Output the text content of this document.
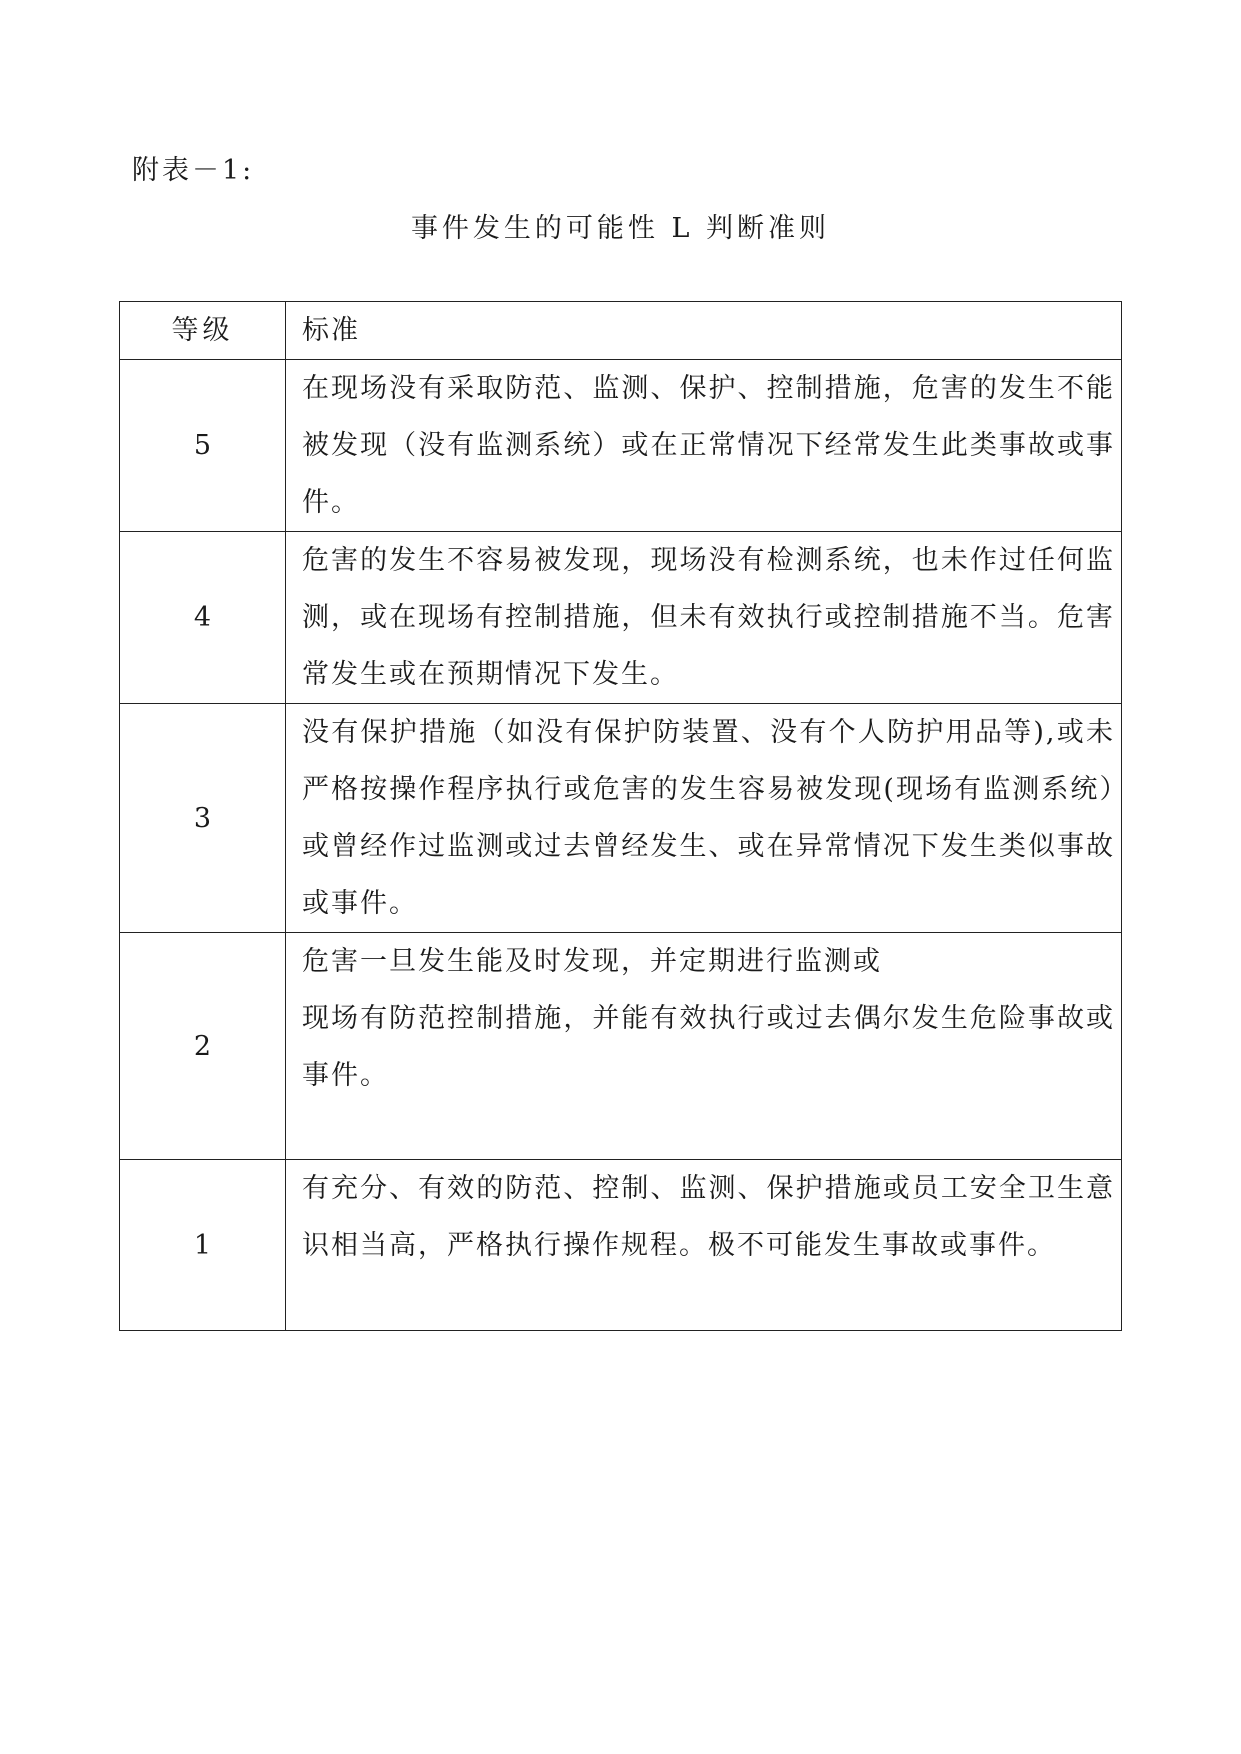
附表－1:
事件发生的可能性 L 判断准则
等级	标准
5	在现场没有采取防范、监测、保护、控制措施，危害的发生不能被发现（没有监测系统）或在正常情况下经常发生此类事故或事件。
4	危害的发生不容易被发现，现场没有检测系统，也未作过任何监测，或在现场有控制措施，但未有效执行或控制措施不当。危害常发生或在预期情况下发生。
3	没有保护措施（如没有保护防装置、没有个人防护用品等),或未严格按操作程序执行或危害的发生容易被发现(现场有监测系统）或曾经作过监测或过去曾经发生、或在异常情况下发生类似事故或事件。
2	危害一旦发生能及时发现，并定期进行监测或
现场有防范控制措施，并能有效执行或过去偶尔发生危险事故或事件。

1	有充分、有效的防范、控制、监测、保护措施或员工安全卫生意识相当高，严格执行操作规程。极不可能发生事故或事件。
